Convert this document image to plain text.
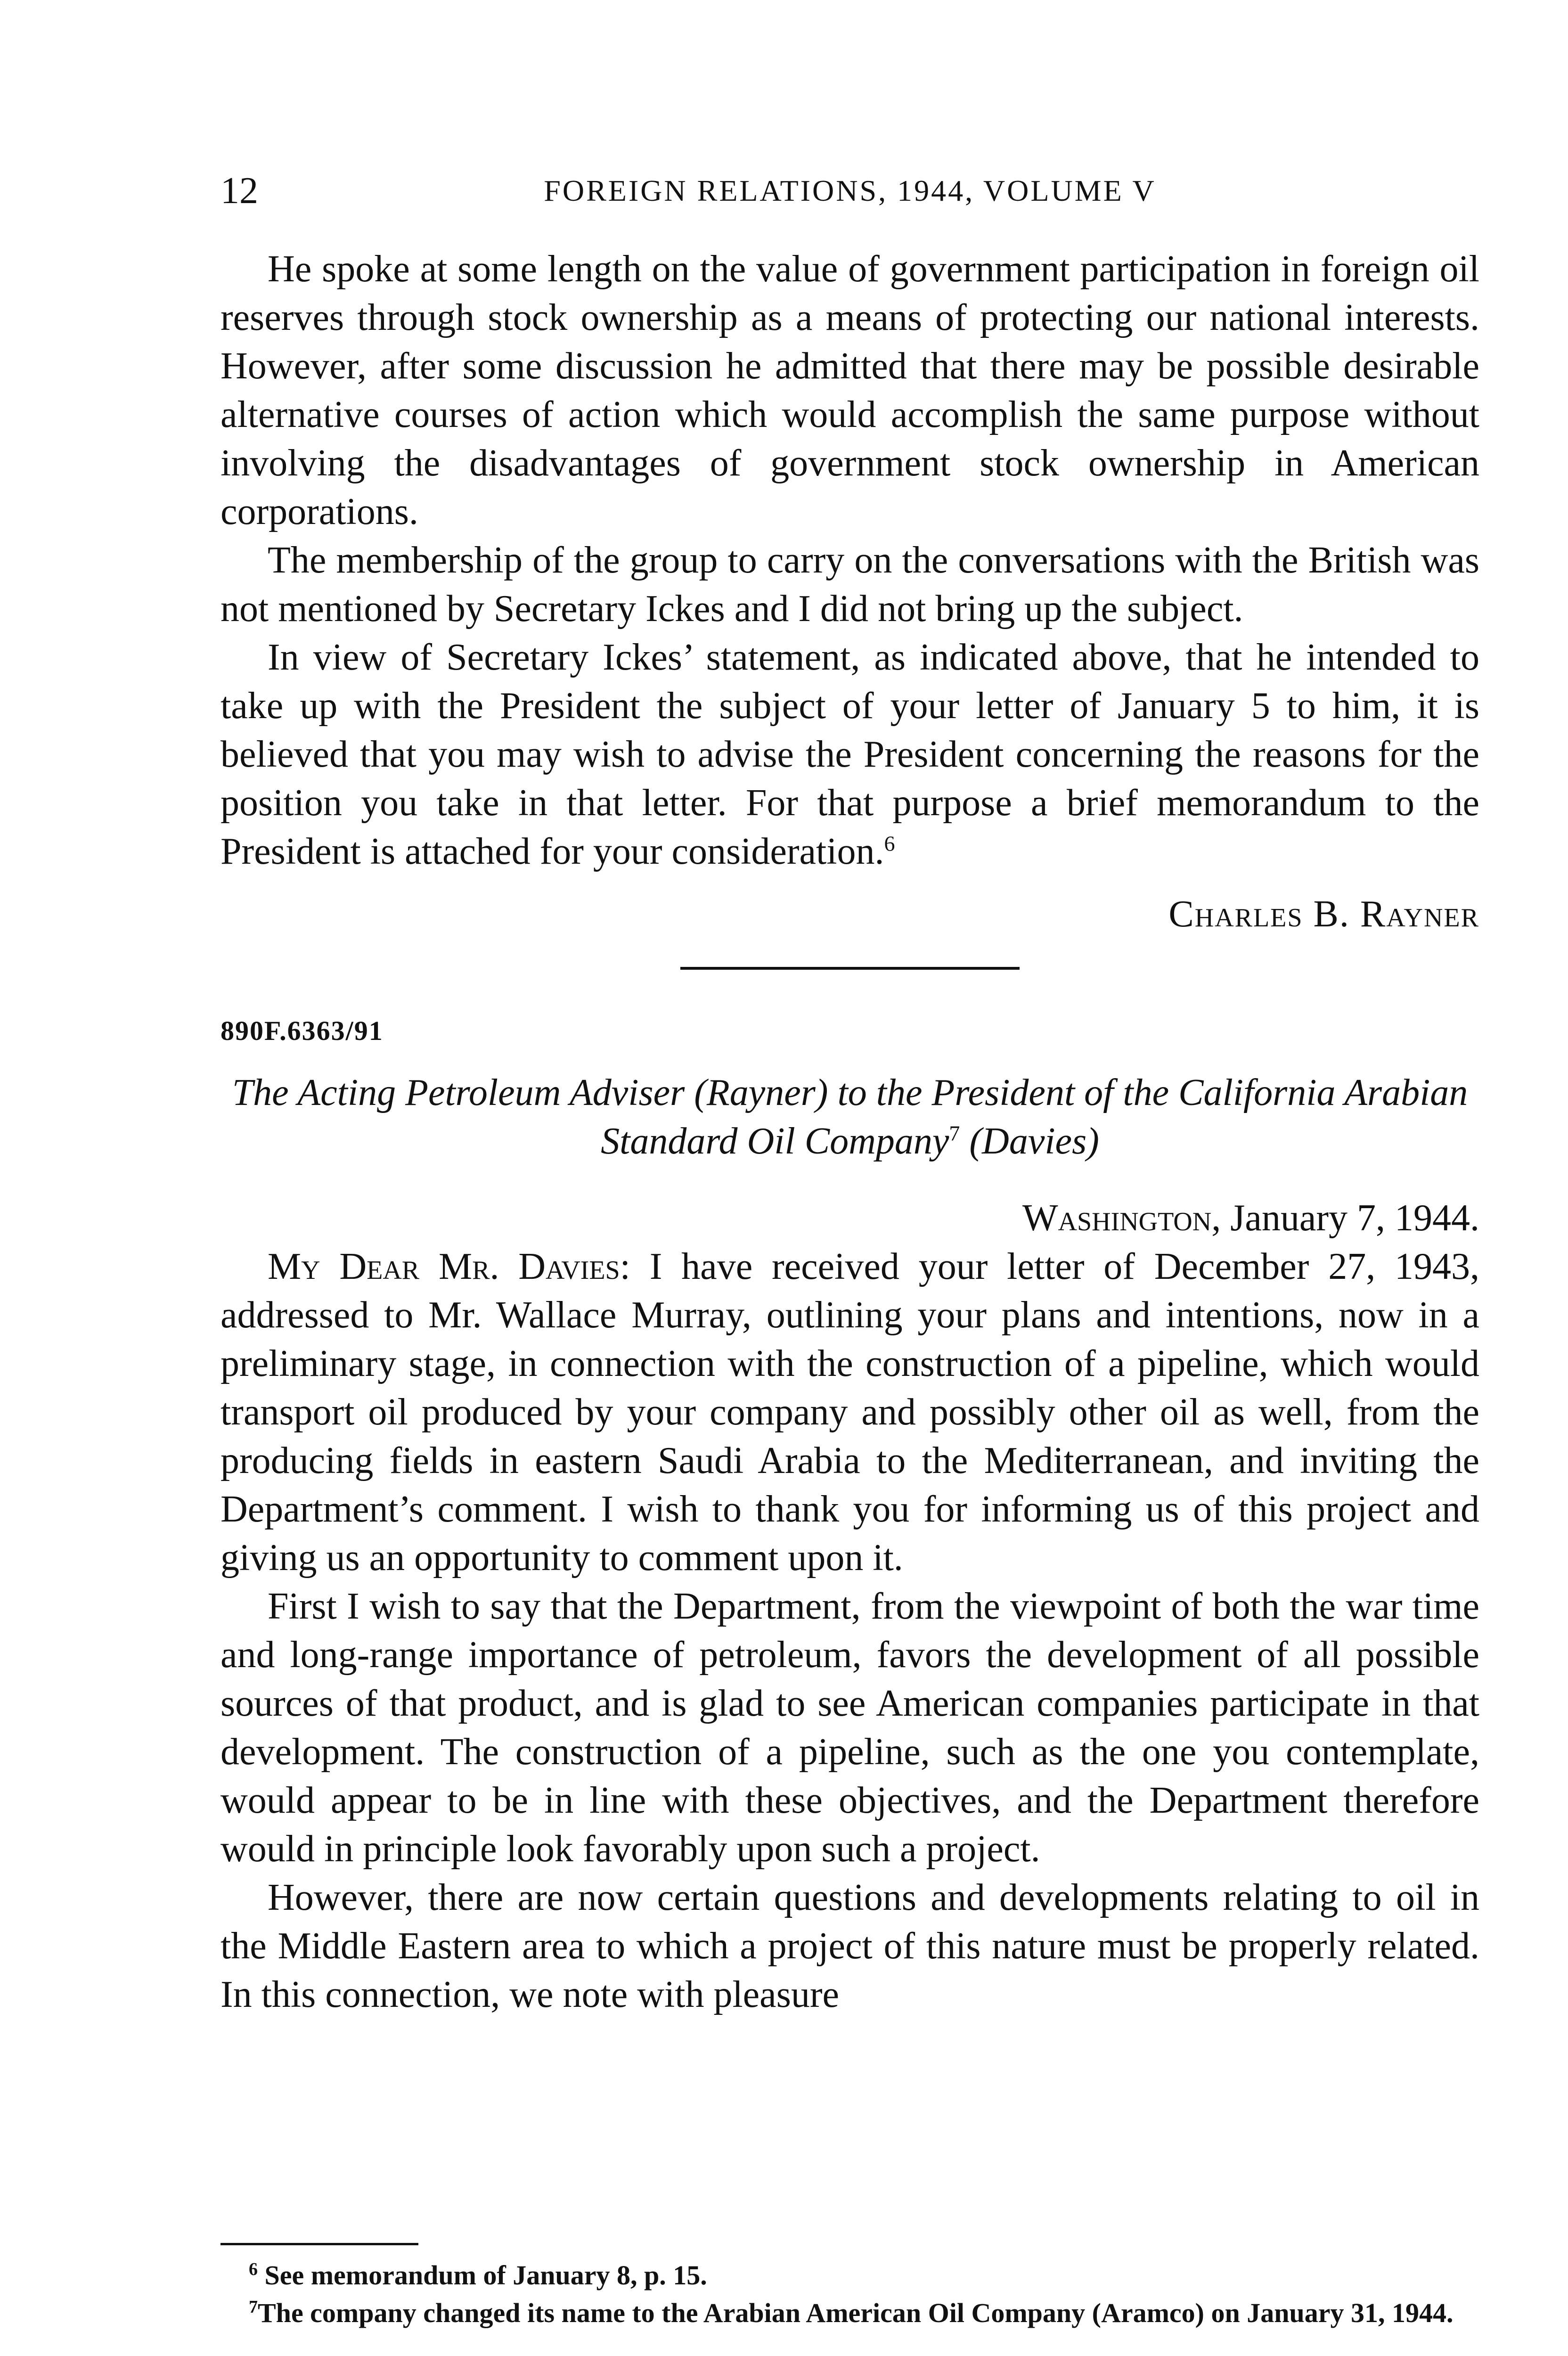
12	FOREIGN RELATIONS, 1944, VOLUME V

He spoke at some length on the value of government participation in foreign oil reserves through stock ownership as a means of protecting our national interests. However, after some discussion he admitted that there may be possible desirable alternative courses of action which would accomplish the same purpose without involving the disadvantages of government stock ownership in American corporations.

The membership of the group to carry on the conversations with the British was not mentioned by Secretary Ickes and I did not bring up the subject.

In view of Secretary Ickes’ statement, as indicated above, that he intended to take up with the President the subject of your letter of January 5 to him, it is believed that you may wish to advise the President concerning the reasons for the position you take in that letter. For that purpose a brief memorandum to the President is attached for your consideration.$^6$

Charles B. Rayner

890F.6363/91

The Acting Petroleum Adviser (Rayner) to the President of the California Arabian Standard Oil Company$^7$ (Davies)

Washington, January 7, 1944.

My Dear Mr. Davies: I have received your letter of December 27, 1943, addressed to Mr. Wallace Murray, outlining your plans and intentions, now in a preliminary stage, in connection with the construction of a pipeline, which would transport oil produced by your company and possibly other oil as well, from the producing fields in eastern Saudi Arabia to the Mediterranean, and inviting the Department’s comment. I wish to thank you for informing us of this project and giving us an opportunity to comment upon it.

First I wish to say that the Department, from the viewpoint of both the war time and long-range importance of petroleum, favors the development of all possible sources of that product, and is glad to see American companies participate in that development. The construction of a pipeline, such as the one you contemplate, would appear to be in line with these objectives, and the Department therefore would in principle look favorably upon such a project.

However, there are now certain questions and developments relating to oil in the Middle Eastern area to which a project of this nature must be properly related. In this connection, we note with pleasure

$^6$ See memorandum of January 8, p. 15.

$^7$The company changed its name to the Arabian American Oil Company (Aramco) on January 31, 1944.
